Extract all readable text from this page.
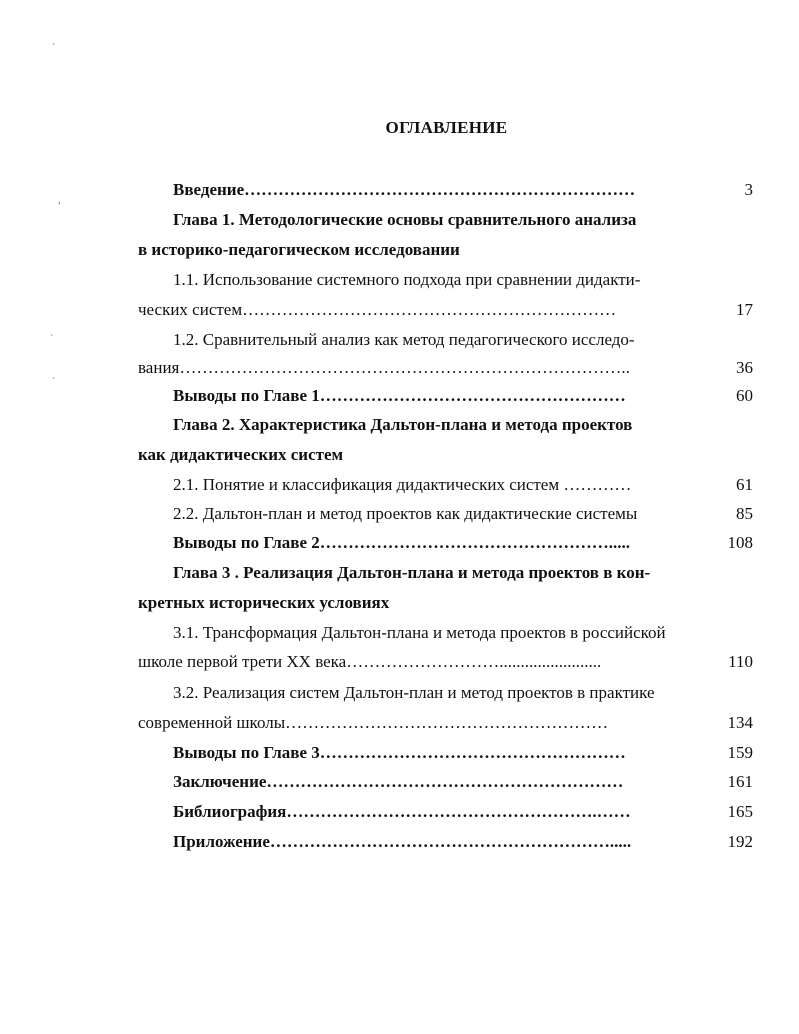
`
,
`
`
ОГЛАВЛЕНИЕ
Введение……………………………………………………………	3
Глава 1. Методологические основы сравнительного анализа
в историко-педагогическом исследовании
1.1. Использование системного подхода при сравнении дидакти-
ческих систем…………………………………………………………	17
1.2. Сравнительный анализ как метод педагогического исследо-
вания……………………………………………………………………..	36
Выводы по Главе 1………………………………………………	60
Глава 2. Характеристика Дальтон-плана и метода проектов
как дидактических систем
2.1. Понятие и классификация дидактических систем …………	61
2.2. Дальтон-план и метод проектов как дидактические системы	85
Выводы по Главе 2…………………………………………….....	108
Глава 3 . Реализация Дальтон-плана и метода проектов в кон-
кретных исторических условиях
3.1. Трансформация Дальтон-плана и метода проектов в российской
школе первой трети XX века………………………........................	110
3.2. Реализация систем Дальтон-план и метод проектов в практике
современной школы…………………………………………………	134
Выводы по Главе 3………………………………………………	159
Заключение………………………………………………………	161
Библиография……………………………………………….……	165
Приложение…………………………………………………….....	192
